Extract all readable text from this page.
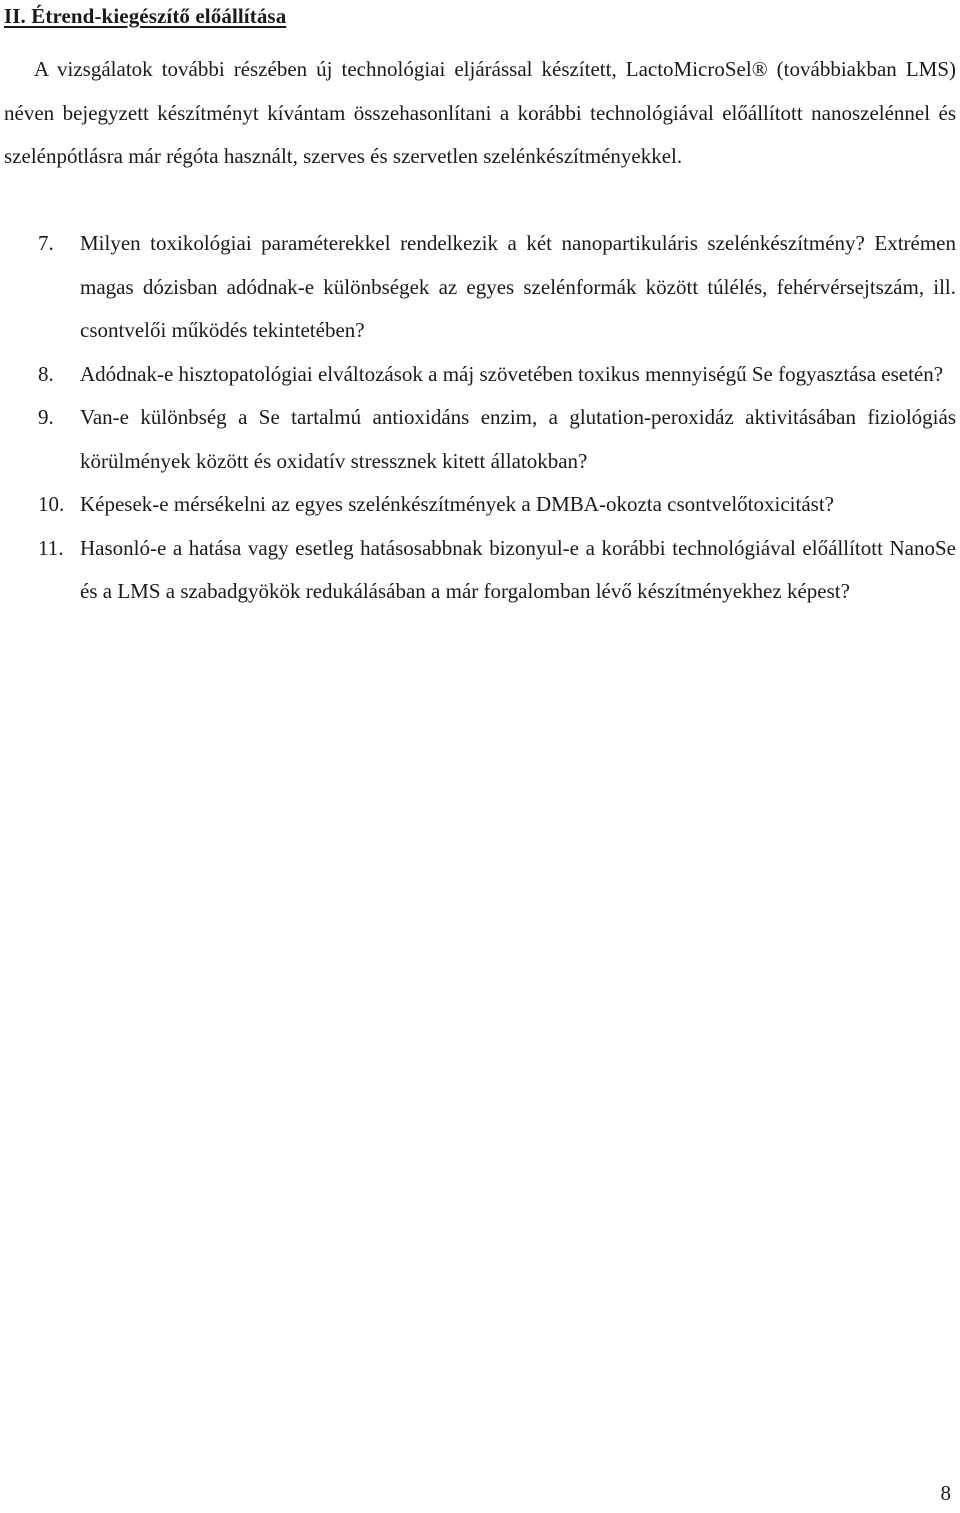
II. Étrend-kiegészítő előállítása

A vizsgálatok további részében új technológiai eljárással készített, LactoMicroSel® (továbbiakban LMS) néven bejegyzett készítményt kívántam összehasonlítani a korábbi technológiával előállított nanoszelénnel és szelénpótlásra már régóta használt, szerves és szervetlen szelénkészítményekkel.

7.	Milyen toxikológiai paraméterekkel rendelkezik a két nanopartikuláris szelénkészítmény? Extrémen magas dózisban adódnak-e különbségek az egyes szelénformák között túlélés, fehérvérsejtszám, ill. csontvelői működés tekintetében?
8.	Adódnak-e hisztopatológiai elváltozások a máj szövetében toxikus mennyiségű Se fogyasztása esetén?
9.	Van-e különbség a Se tartalmú antioxidáns enzim, a glutation-peroxidáz aktivitásában fiziológiás körülmények között és oxidatív stressznek kitett állatokban?
10. Képesek-e mérsékelni az egyes szelénkészítmények a DMBA-okozta csontvelőtoxicitást?
11. Hasonló-e a hatása vagy esetleg hatásosabbnak bizonyul-e a korábbi technológiával előállított NanoSe és a LMS a szabadgyökök redukálásában a már forgalomban lévő készítményekhez képest?
8
